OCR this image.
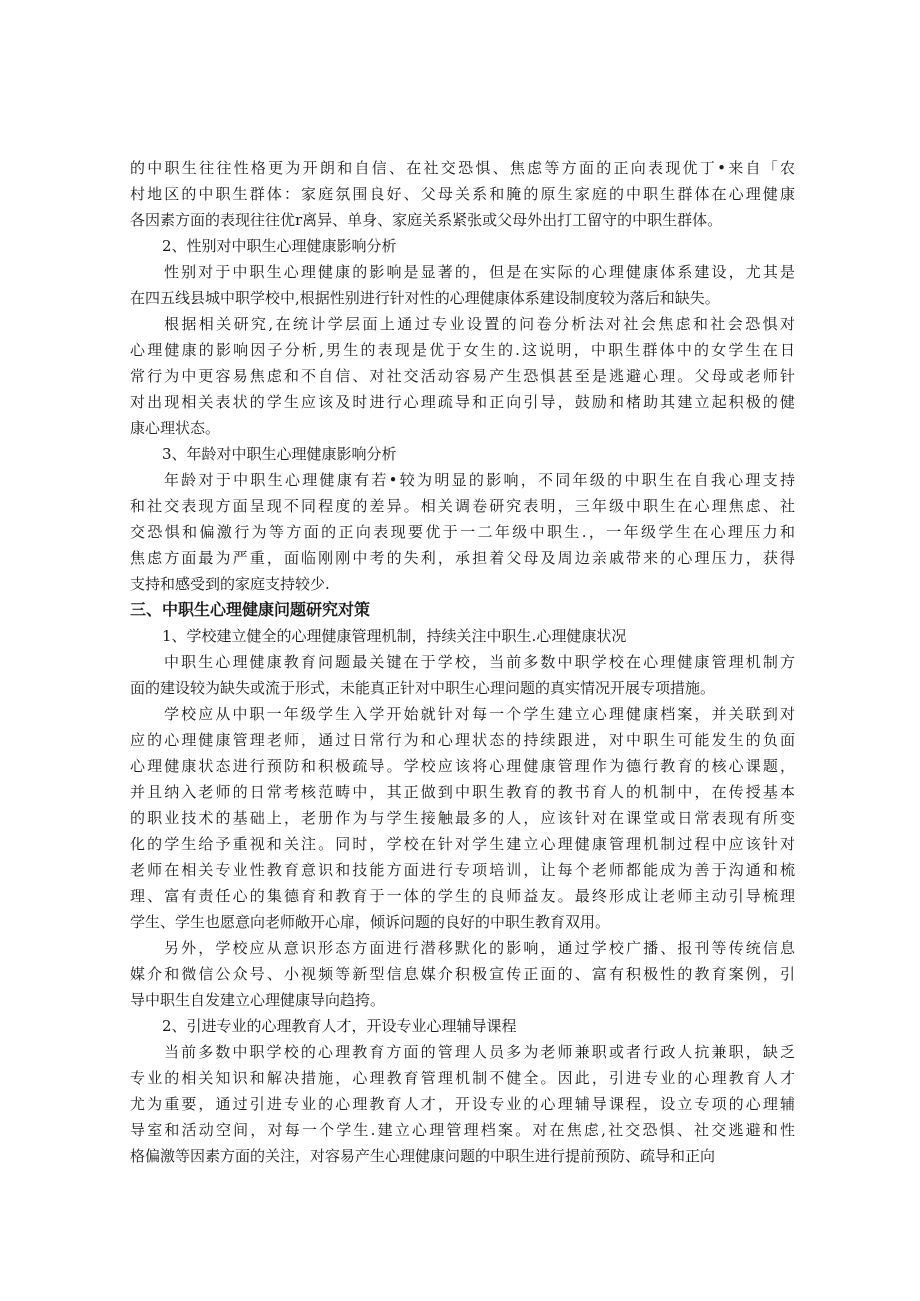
的中职生往往性格更为开朗和自信、在社交恐惧、焦虑等方面的正向表现优丁•来自「农
村地区的中职生群体：家庭氛围良好、父母关系和腌的原生家庭的中职生群体在心理健康
各因素方面的表现往往优r离异、单身、家庭关系紧张或父母外出打工留守的中职生群体。
2、性别对中职生心理健康影响分析
性别对于中职生心理健康的影响是显著的，但是在实际的心理健康体系建设，尤其是
在四五线县城中职学校中,根据性别进行针对性的心理健康体系建设制度较为落后和缺失。
根据相关研究,在统计学层面上通过专业设置的问卷分析法对社会焦虑和社会恐惧对
心理健康的影响因子分析,男生的表现是优于女生的.这说明，中职生群体中的女学生在日
常行为中更容易焦虑和不自信、对社交活动容易产生恐惧甚至是逃避心理。父母或老师针
对出现相关表状的学生应该及时进行心理疏导和正向引导，鼓励和楮助其建立起积极的健
康心理状态。
3、年龄对中职生心理健康影响分析
年龄对于中职生心理健康有若•较为明显的影响，不同年级的中职生在自我心理支持
和社交表现方面呈现不同程度的差异。相关调卷研究表明，三年级中职生在心理焦虑、社
交恐惧和偏激行为等方面的正向表现要优于一二年级中职生.，一年级学生在心理压力和
焦虑方面最为严重，面临刚刚中考的失利，承担着父母及周边亲戚带来的心理压力，获得
支持和感受到的家庭支持较少.
三、中职生心理健康问题研究对策
1、学校建立健全的心理健康管理机制，持续关注中职生.心理健康状况
中职生心理健康教育问题最关键在于学校，当前多数中职学校在心理健康管理机制方
面的建设较为缺失或流于形式，未能真正针对中职生心理问题的真实情况开展专项措施。
学校应从中职一年级学生入学开始就针对每一个学生建立心理健康档案，并关联到对
应的心理健康管理老师，通过日常行为和心理状态的持续跟进，对中职生可能发生的负面
心理健康状态进行预防和积极疏导。学校应该将心理健康管理作为德行教育的核心课题，
并且纳入老师的日常考核范畴中，其正做到中职生教育的教书育人的机制中，在传授基本
的职业技术的基础上，老册作为与学生接触最多的人，应该针对在课堂或日常表现有所变
化的学生给予重视和关注。同时，学校在针对学生建立心理健康管理机制过程中应该针对
老师在相关专业性教育意识和技能方面进行专项培训，让每个老师都能成为善于沟通和梳
理、富有责任心的集德育和教育于一体的学生的良师益友。最终形成让老师主动引导梳理
学生、学生也愿意向老师敞开心扉，倾诉问题的良好的中职生教育双用。
另外，学校应从意识形态方面进行潜移默化的影响，通过学校广播、报刊等传统信息
媒介和微信公众号、小视频等新型信息媒介积极宣传正面的、富有积极性的教育案例，引
导中职生自发建立心理健康导向趋挎。
2、引进专业的心理教育人才，开设专业心理辅导课程
当前多数中职学校的心理教育方面的管理人员多为老师兼职或者行政人抗兼职，缺乏
专业的相关知识和解决措施，心理教育管理机制不健全。因此，引进专业的心理教育人才
尤为重要，通过引进专业的心理教育人才，开设专业的心理辅导课程，设立专项的心理辅
导室和活动空间，对每一个学生.建立心理管理档案。对在焦虑,社交恐惧、社交逃避和性
格偏激等因素方面的关注，对容易产生心理健康问题的中职生进行提前预防、疏导和正向
